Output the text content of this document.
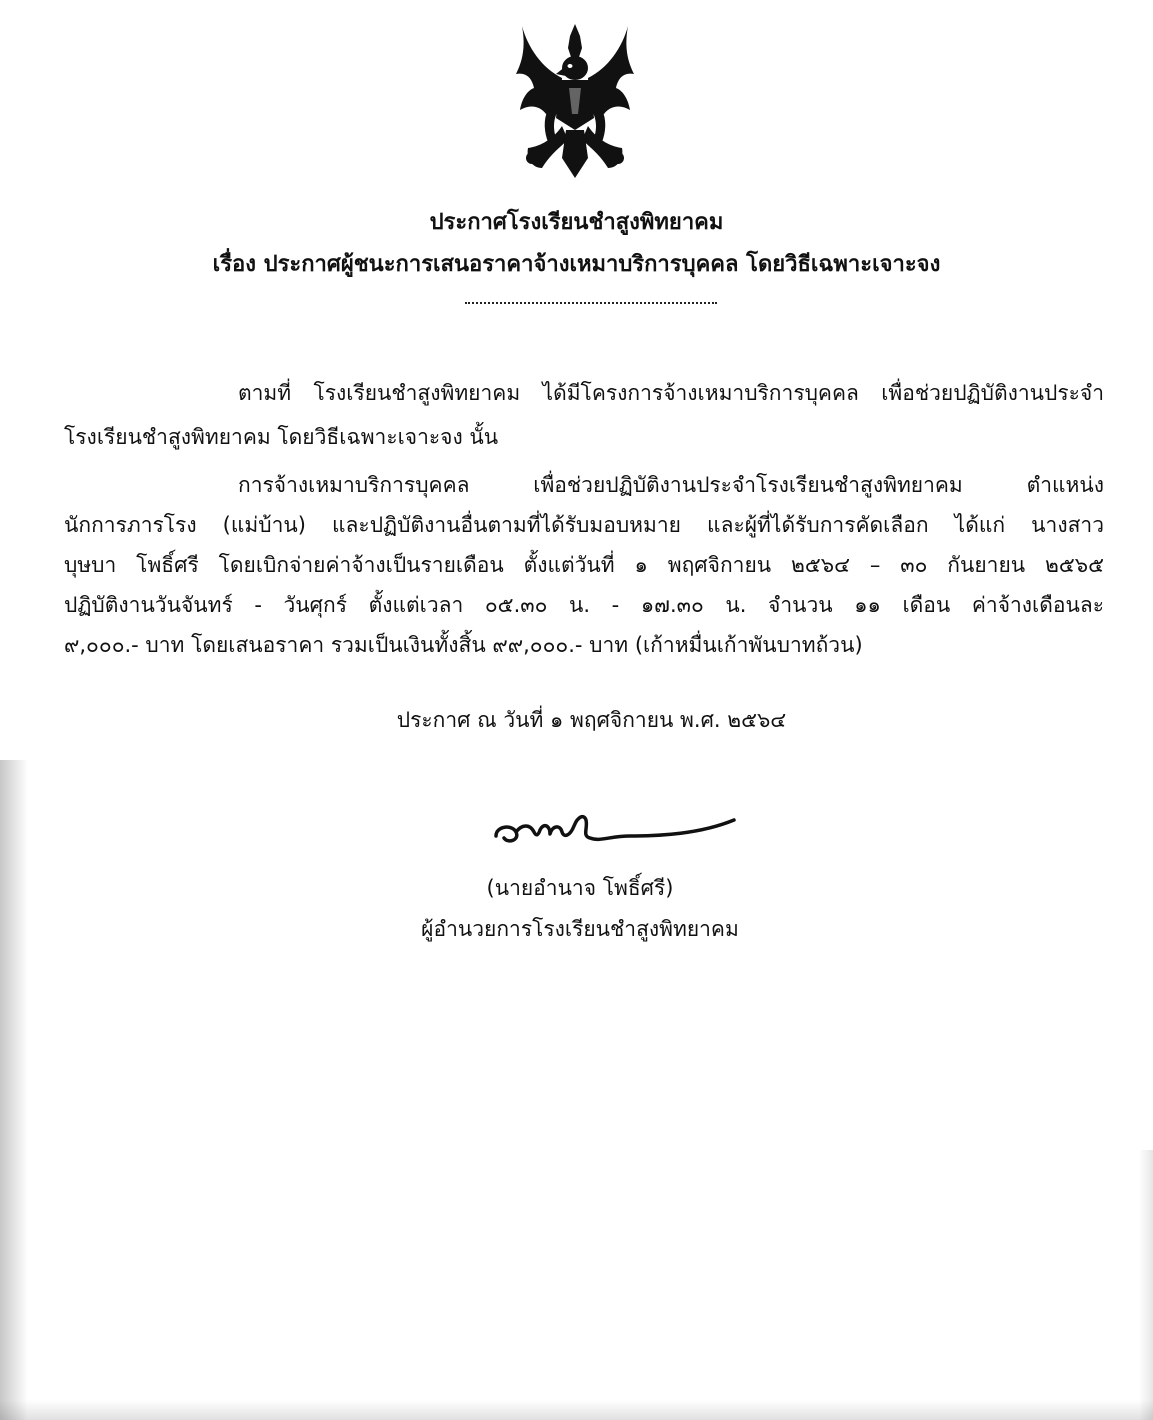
ประกาศโรงเรียนชำสูงพิทยาคม
เรื่อง ประกาศผู้ชนะการเสนอราคาจ้างเหมาบริการบุคคล โดยวิธีเฉพาะเจาะจง
ตามที่ โรงเรียนชำสูงพิทยาคม ได้มีโครงการจ้างเหมาบริการบุคคล เพื่อช่วยปฏิบัติงานประจำ
โรงเรียนชำสูงพิทยาคม โดยวิธีเฉพาะเจาะจง นั้น
การจ้างเหมาบริการบุคคล เพื่อช่วยปฏิบัติงานประจำโรงเรียนชำสูงพิทยาคม ตำแหน่ง
นักการภารโรง (แม่บ้าน) และปฏิบัติงานอื่นตามที่ได้รับมอบหมาย และผู้ที่ได้รับการคัดเลือก ได้แก่ นางสาว
บุษบา โพธิ์ศรี โดยเบิกจ่ายค่าจ้างเป็นรายเดือน ตั้งแต่วันที่ ๑ พฤศจิกายน ๒๕๖๔ – ๓๐ กันยายน ๒๕๖๕
ปฏิบัติงานวันจันทร์ - วันศุกร์ ตั้งแต่เวลา ๐๕.๓๐ น. - ๑๗.๓๐ น. จำนวน ๑๑ เดือน ค่าจ้างเดือนละ
๙,๐๐๐.- บาท โดยเสนอราคา รวมเป็นเงินทั้งสิ้น ๙๙,๐๐๐.- บาท (เก้าหมื่นเก้าพันบาทถ้วน)
ประกาศ ณ วันที่ ๑ พฤศจิกายน พ.ศ. ๒๕๖๔
(นายอำนาจ โพธิ์ศรี)
ผู้อำนวยการโรงเรียนชำสูงพิทยาคม
